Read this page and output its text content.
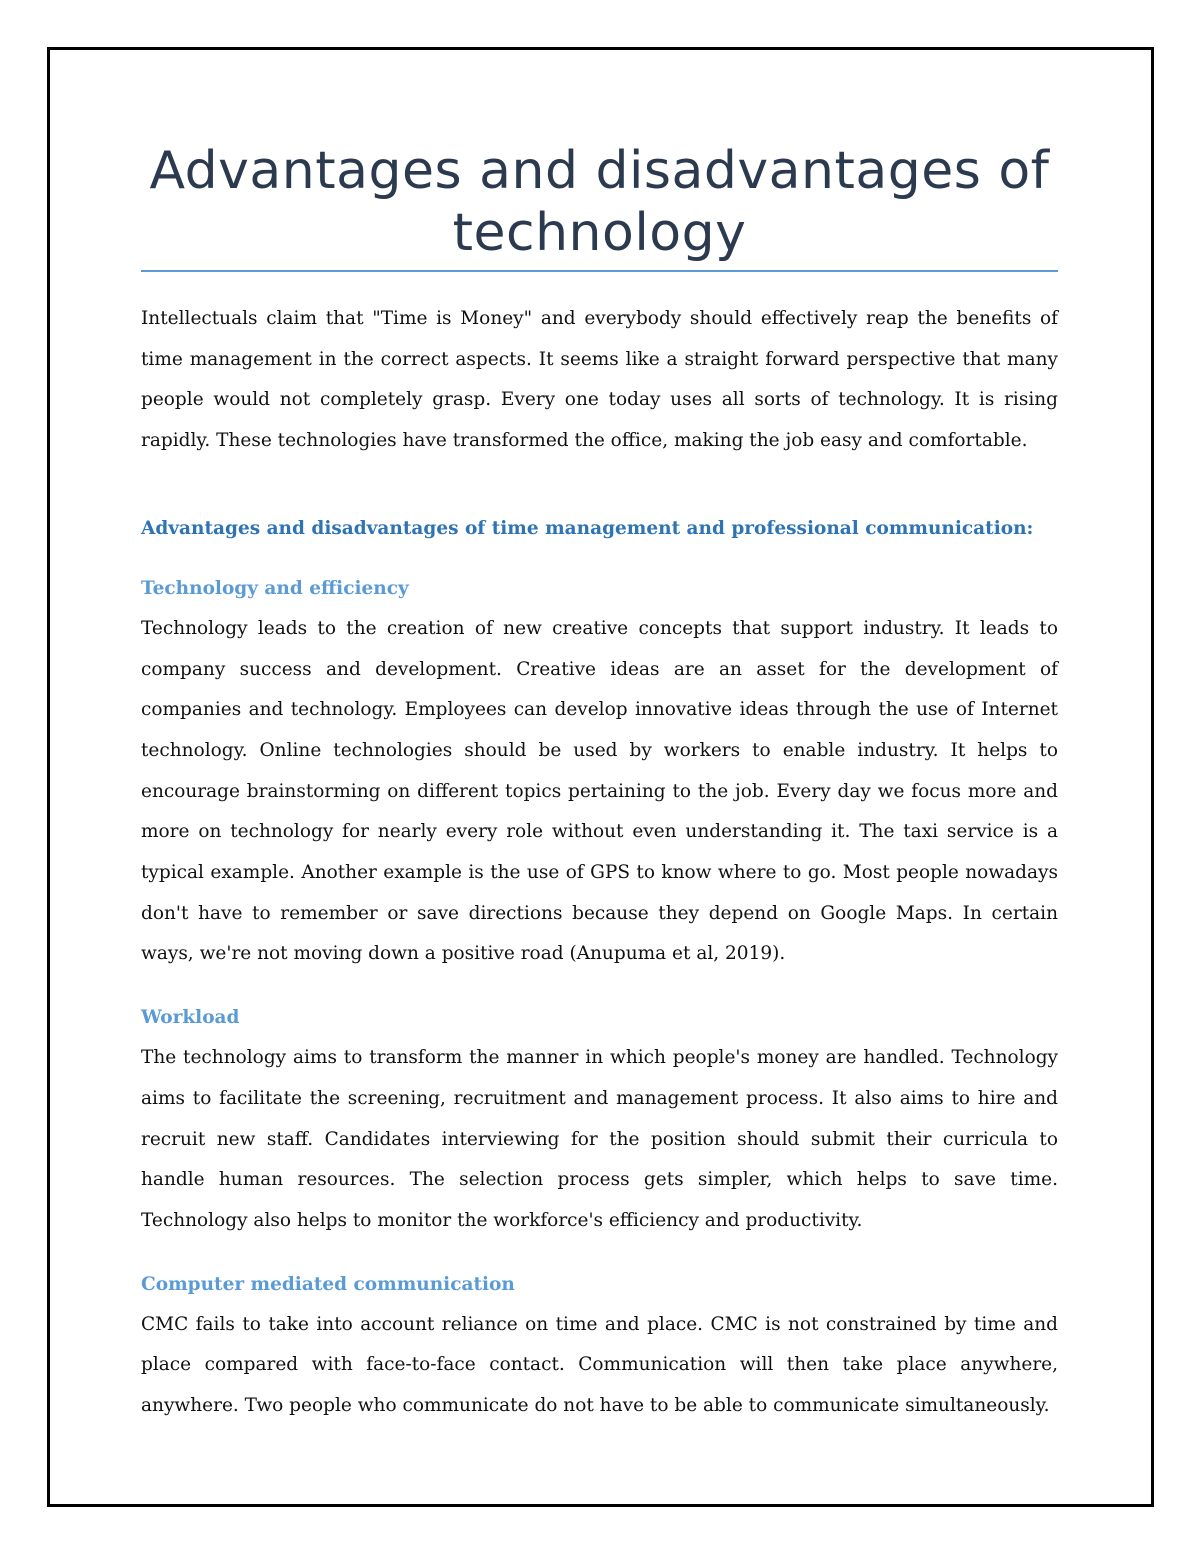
Advantages and disadvantages of technology

Intellectuals claim that "Time is Money" and everybody should effectively reap the benefits of time management in the correct aspects. It seems like a straight forward perspective that many people would not completely grasp. Every one today uses all sorts of technology. It is rising rapidly. These technologies have transformed the office, making the job easy and comfortable.

Advantages and disadvantages of time management and professional communication:
Technology and efficiency

Technology leads to the creation of new creative concepts that support industry. It leads to company success and development. Creative ideas are an asset for the development of companies and technology. Employees can develop innovative ideas through the use of Internet technology. Online technologies should be used by workers to enable industry. It helps to encourage brainstorming on different topics pertaining to the job. Every day we focus more and more on technology for nearly every role without even understanding it. The taxi service is a typical example. Another example is the use of GPS to know where to go. Most people nowadays don't have to remember or save directions because they depend on Google Maps. In certain ways, we're not moving down a positive road (Anupuma et al, 2019).

Workload

The technology aims to transform the manner in which people's money are handled. Technology aims to facilitate the screening, recruitment and management process. It also aims to hire and recruit new staff. Candidates interviewing for the position should submit their curricula to handle human resources. The selection process gets simpler, which helps to save time. Technology also helps to monitor the workforce's efficiency and productivity.

Computer mediated communication

CMC fails to take into account reliance on time and place. CMC is not constrained by time and place compared with face-to-face contact. Communication will then take place anywhere, anywhere. Two people who communicate do not have to be able to communicate simultaneously.
